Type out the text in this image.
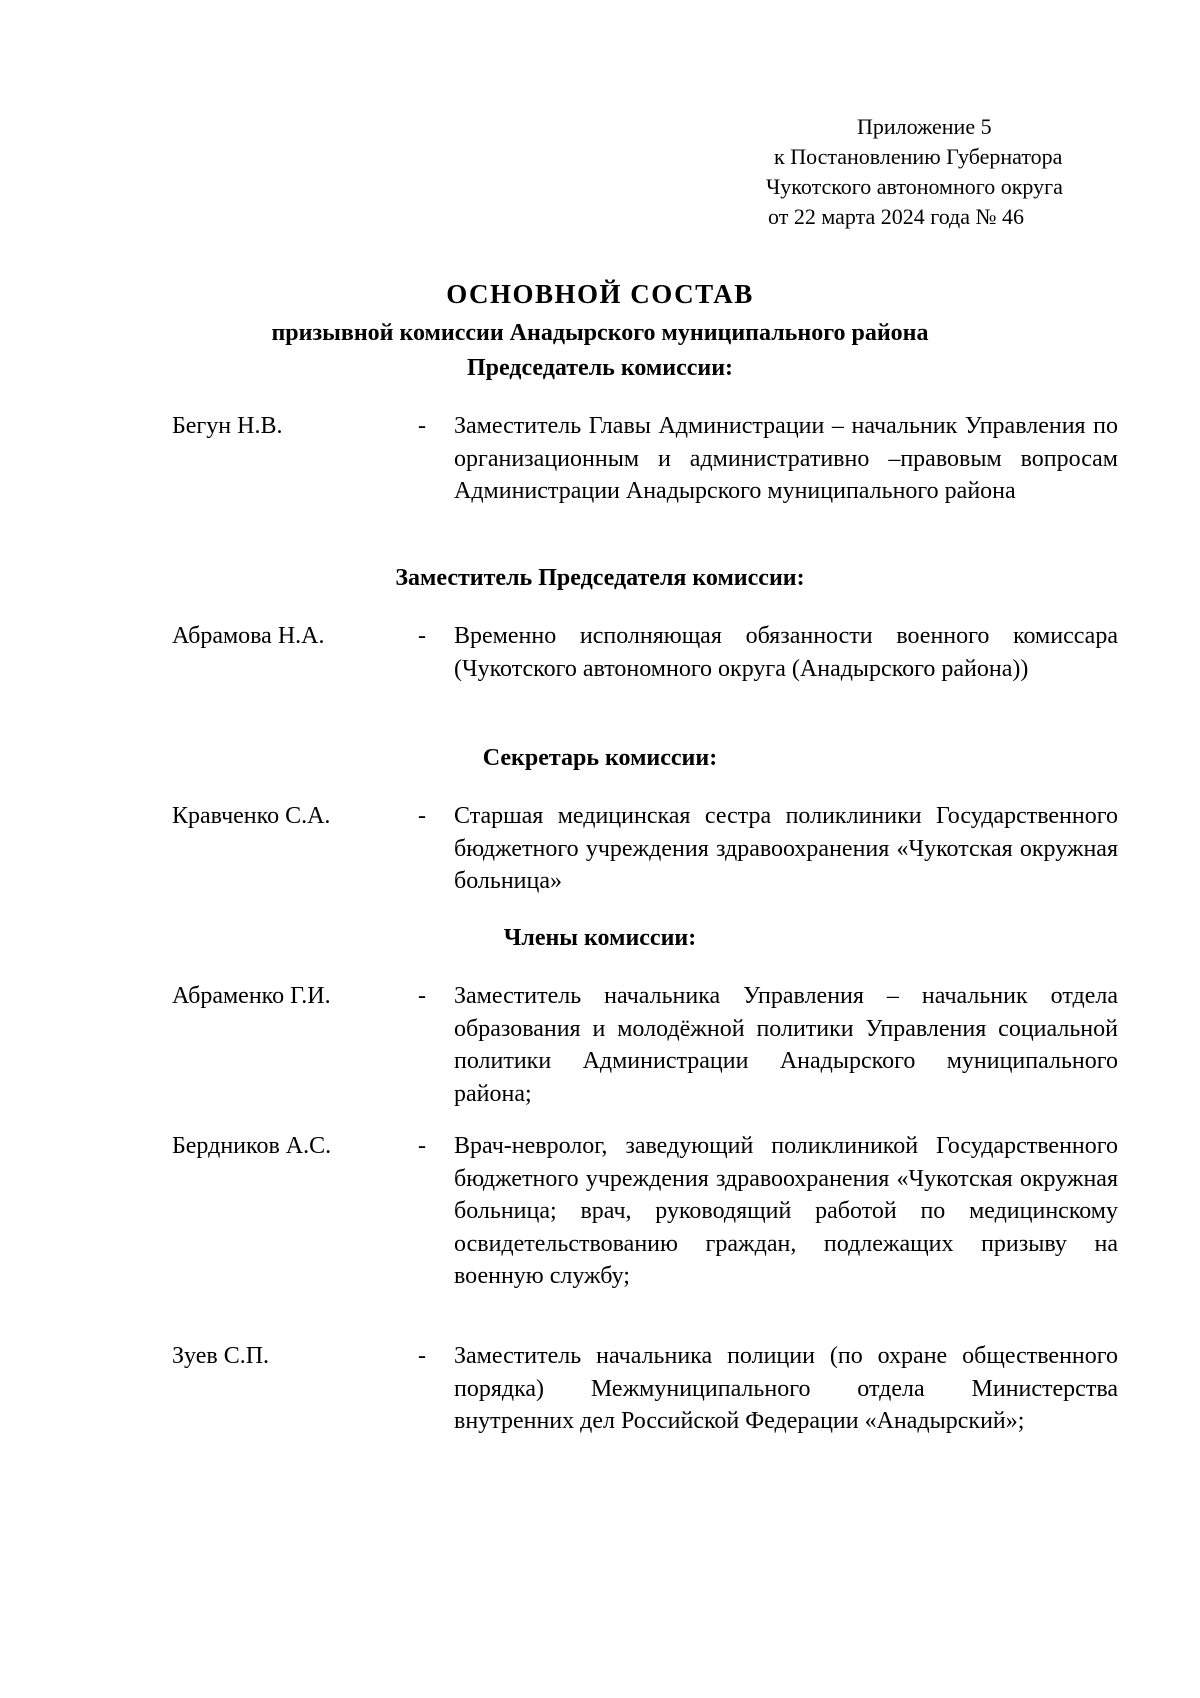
Приложение 5
к Постановлению Губернатора
Чукотского автономного округа
от 22 марта 2024 года № 46
ОСНОВНОЙ СОСТАВ
призывной комиссии Анадырского муниципального района
Председатель комиссии:
Бегун Н.В.	- Заместитель Главы Администрации – начальник Управления по организационным и административно –правовым вопросам Администрации Анадырского муниципального района
Заместитель Председателя комиссии:
Абрамова Н.А.	- Временно исполняющая обязанности военного комиссара (Чукотского автономного округа (Анадырского района))
Секретарь комиссии:
Кравченко С.А.	- Старшая медицинская сестра поликлиники Государственного бюджетного учреждения здравоохранения «Чукотская окружная больница»
Члены комиссии:
Абраменко Г.И.	- Заместитель начальника Управления – начальник отдела образования и молодёжной политики Управления социальной политики Администрации Анадырского муниципального района;
Бердников А.С.	- Врач-невролог, заведующий поликлиникой Государственного бюджетного учреждения здравоохранения «Чукотская окружная больница; врач, руководящий работой по медицинскому освидетельствованию граждан, подлежащих призыву на военную службу;
Зуев С.П.	- Заместитель начальника полиции (по охране общественного порядка) Межмуниципального отдела Министерства внутренних дел Российской Федерации «Анадырский»;
